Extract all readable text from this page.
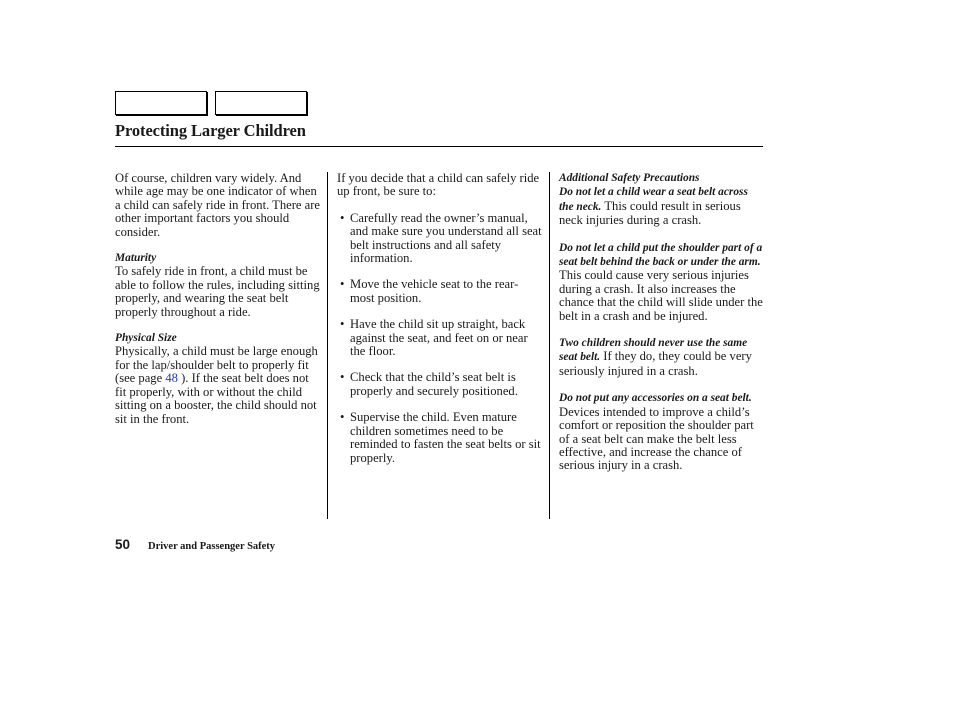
Protecting Larger Children

Of course, children vary widely. And while age may be one indicator of when a child can safely ride in front. There are other important factors you should consider.

Maturity

To safely ride in front, a child must be able to follow the rules, including sitting properly, and wearing the seat belt properly throughout a ride.

Physical Size

Physically, a child must be large enough for the lap/shoulder belt to properly fit (see page 48 ). If the seat belt does not fit properly, with or without the child sitting on a booster, the child should not sit in the front.

If you decide that a child can safely ride up front, be sure to:

• Carefully read the owner’s manual, and make sure you understand all seat belt instructions and all safety information.
• Move the vehicle seat to the rear-most position.
• Have the child sit up straight, back against the seat, and feet on or near the floor.
• Check that the child’s seat belt is properly and securely positioned.
• Supervise the child. Even mature children sometimes need to be reminded to fasten the seat belts or sit properly.

Additional Safety Precautions

Do not let a child wear a seat belt across the neck. This could result in serious neck injuries during a crash.

Do not let a child put the shoulder part of a seat belt behind the back or under the arm. This could cause very serious injuries during a crash. It also increases the chance that the child will slide under the belt in a crash and be injured.

Two children should never use the same seat belt. If they do, they could be very seriously injured in a crash.

Do not put any accessories on a seat belt. Devices intended to improve a child’s comfort or reposition the shoulder part of a seat belt can make the belt less effective, and increase the chance of serious injury in a crash.

50 Driver and Passenger Safety
